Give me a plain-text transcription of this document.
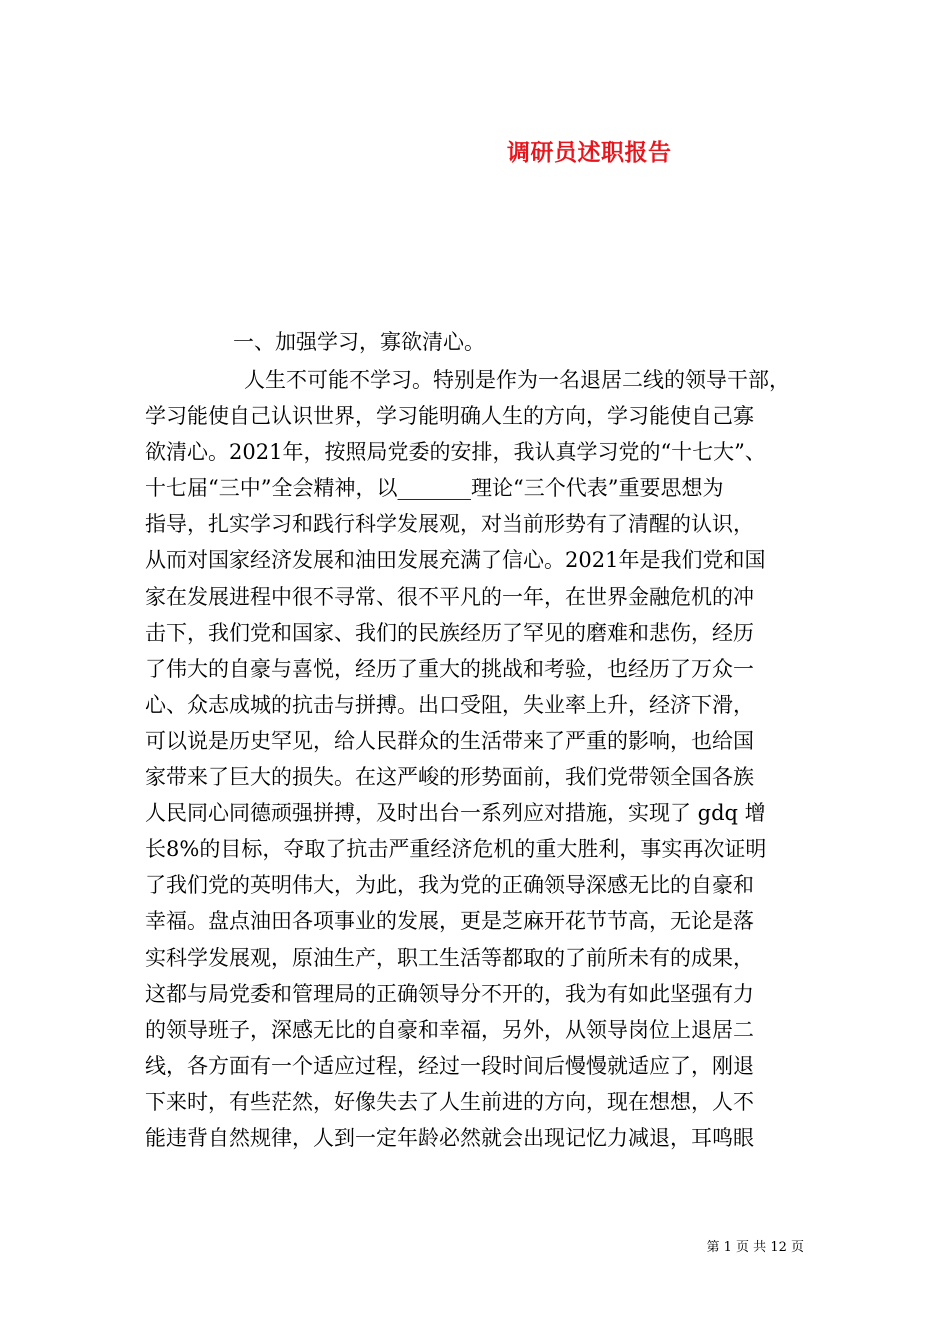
调研员述职报告
一、加强学习，寡欲清心。
人生不可能不学习。特别是作为一名退居二线的领导干部，
学习能使自己认识世界，学习能明确人生的方向，学习能使自己寡
欲清心。2021年，按照局党委的安排，我认真学习党的“十七大”、
十七届“三中”全会精神，以_______理论“三个代表”重要思想为
指导，扎实学习和践行科学发展观，对当前形势有了清醒的认识，
从而对国家经济发展和油田发展充满了信心。2021年是我们党和国
家在发展进程中很不寻常、很不平凡的一年，在世界金融危机的冲
击下，我们党和国家、我们的民族经历了罕见的磨难和悲伤，经历
了伟大的自豪与喜悦，经历了重大的挑战和考验，也经历了万众一
心、众志成城的抗击与拼搏。出口受阻，失业率上升，经济下滑，
可以说是历史罕见，给人民群众的生活带来了严重的影响，也给国
家带来了巨大的损失。在这严峻的形势面前，我们党带领全国各族
人民同心同德顽强拼搏，及时出台一系列应对措施，实现了 gdq 增
长8%的目标，夺取了抗击严重经济危机的重大胜利，事实再次证明
了我们党的英明伟大，为此，我为党的正确领导深感无比的自豪和
幸福。盘点油田各项事业的发展，更是芝麻开花节节高，无论是落
实科学发展观，原油生产，职工生活等都取的了前所未有的成果，
这都与局党委和管理局的正确领导分不开的，我为有如此坚强有力
的领导班子，深感无比的自豪和幸福，另外，从领导岗位上退居二
线，各方面有一个适应过程，经过一段时间后慢慢就适应了，刚退
下来时，有些茫然，好像失去了人生前进的方向，现在想想，人不
能违背自然规律，人到一定年龄必然就会出现记忆力减退，耳鸣眼
第 1 页 共 12 页
